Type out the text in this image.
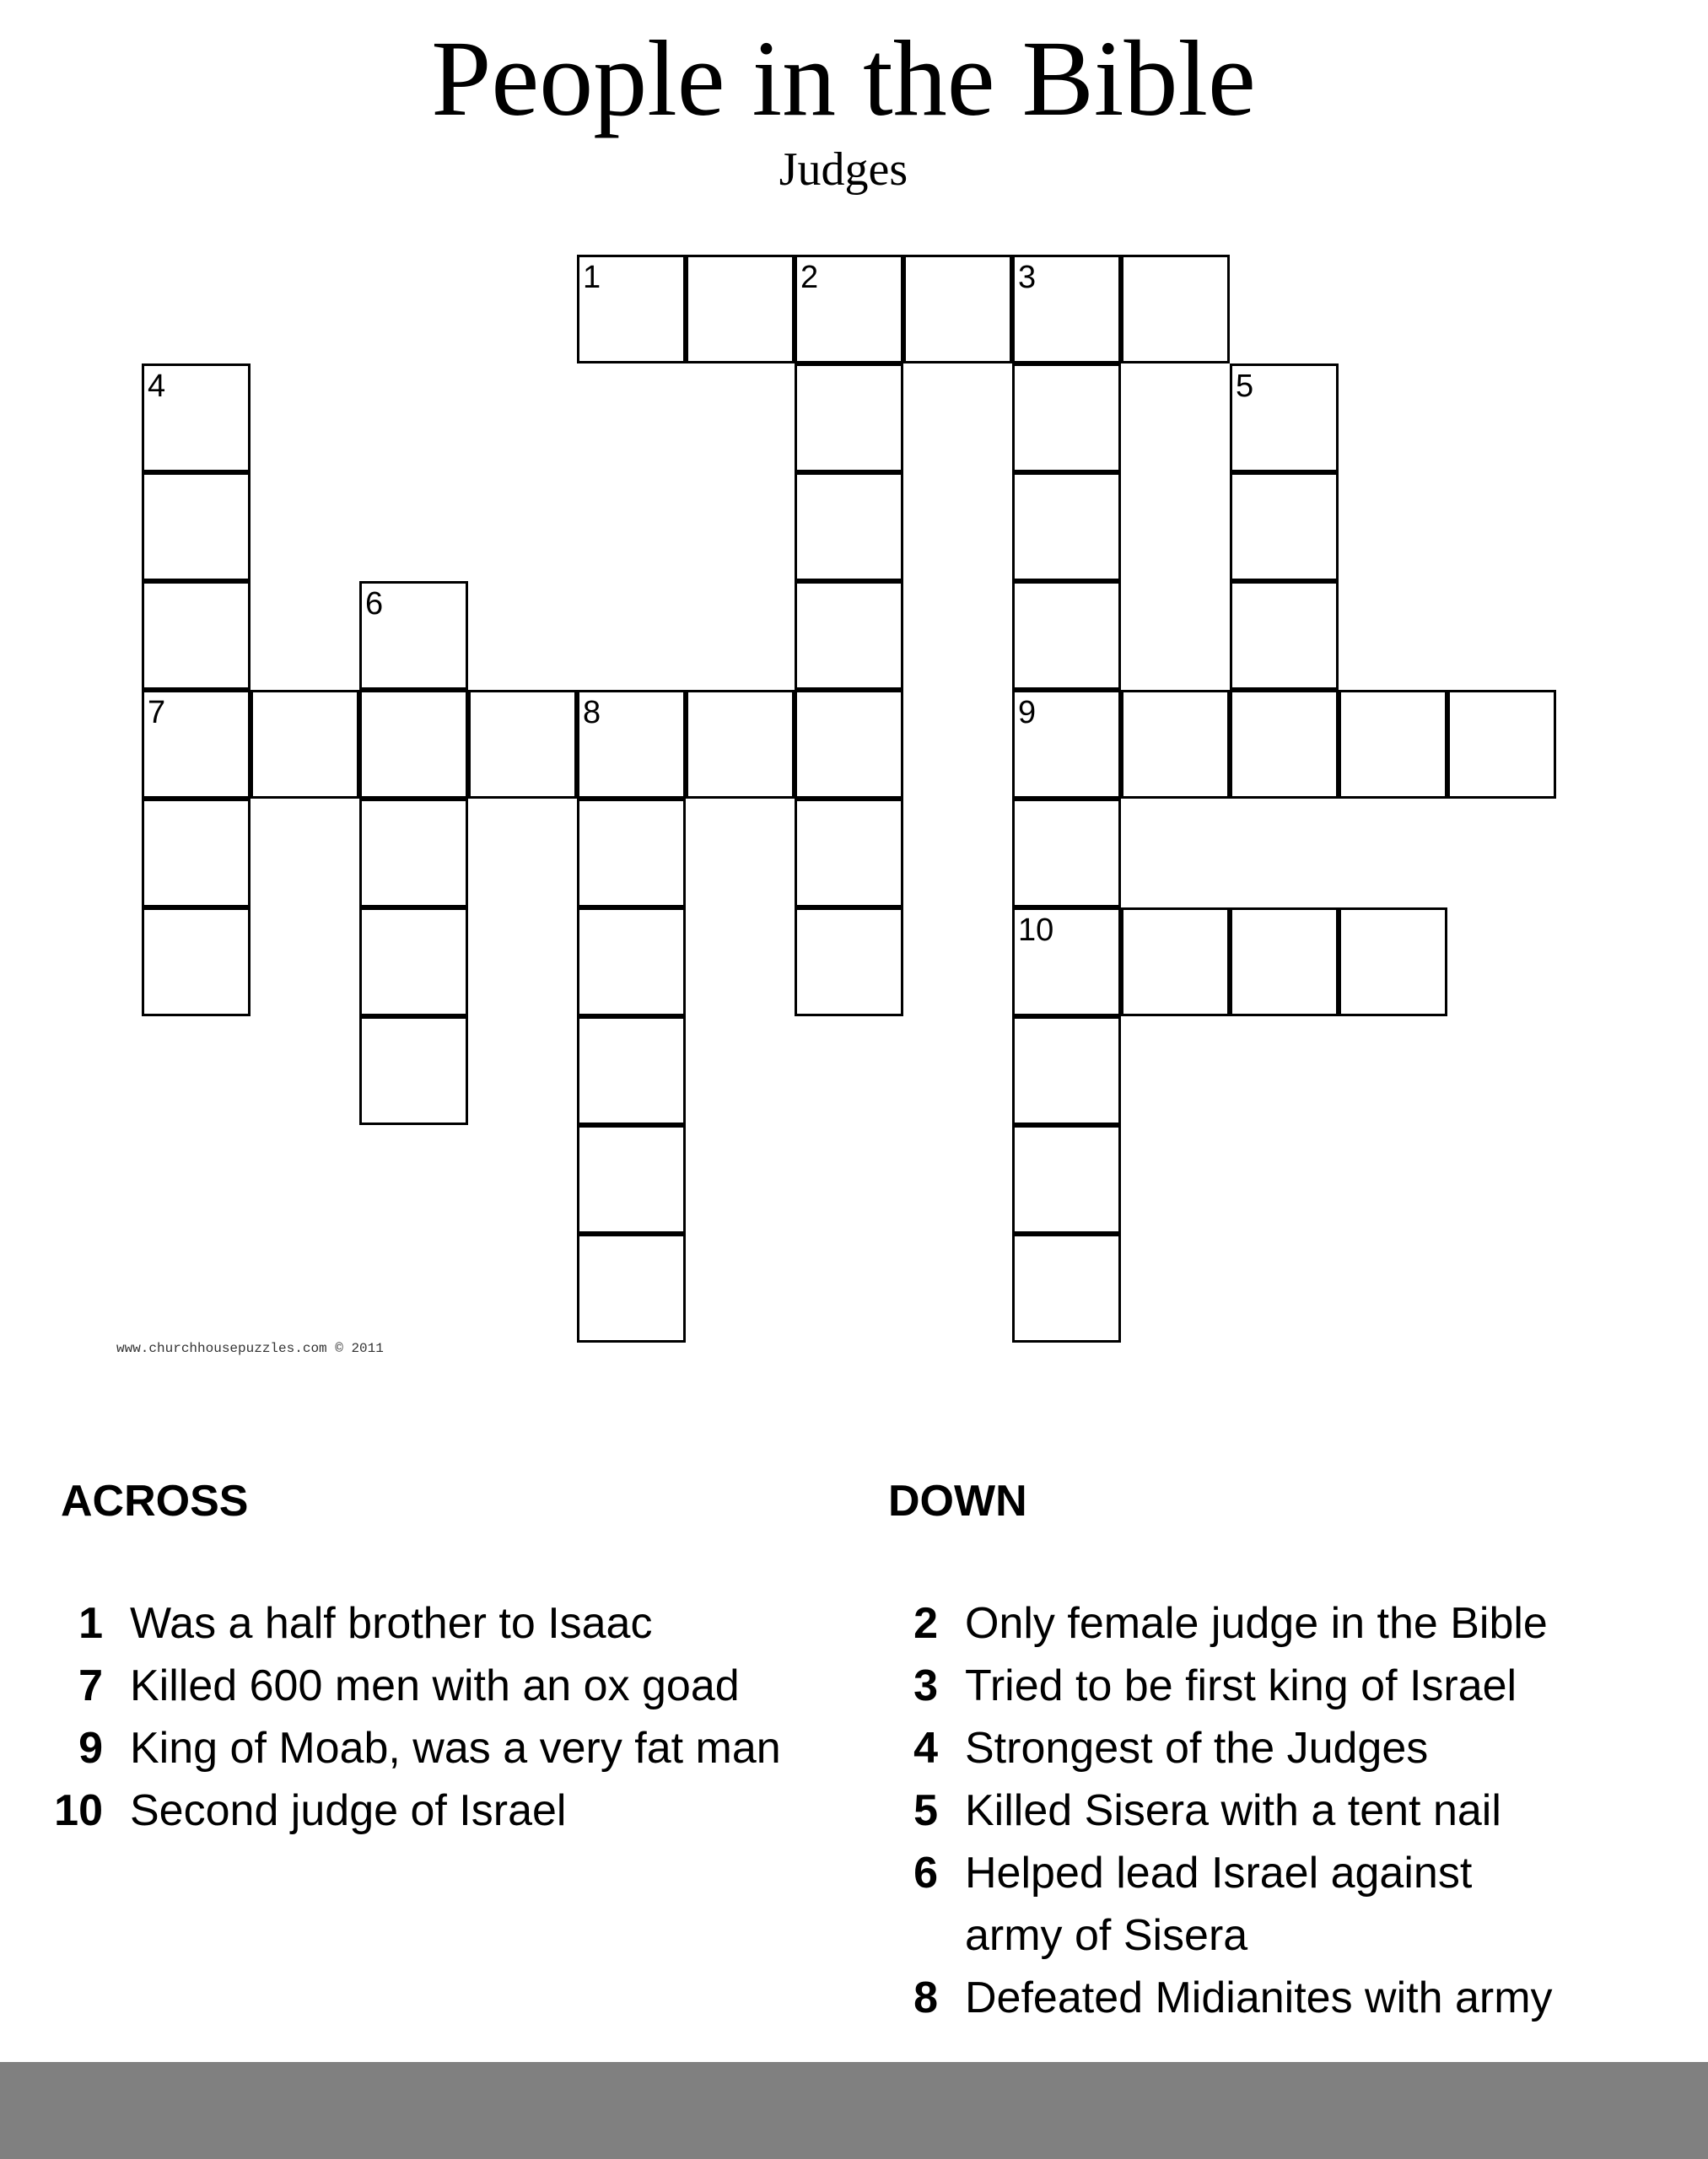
People in the Bible
Judges
1	2	3
9
10
4
7
5
6
8
www.churchhousepuzzles.com © 2011
ACROSS	DOWN
1 Was a half brother to Isaac
7 Killed 600 men with an ox goad
9 King of Moab, was a very fat man
10 Second judge of Israel
2 Only female judge in the Bible
3 Tried to be first king of Israel
4 Strongest of the Judges
5 Killed Sisera with a tent nail
6 Helped lead Israel against army of Sisera
8 Defeated Midianites with army
